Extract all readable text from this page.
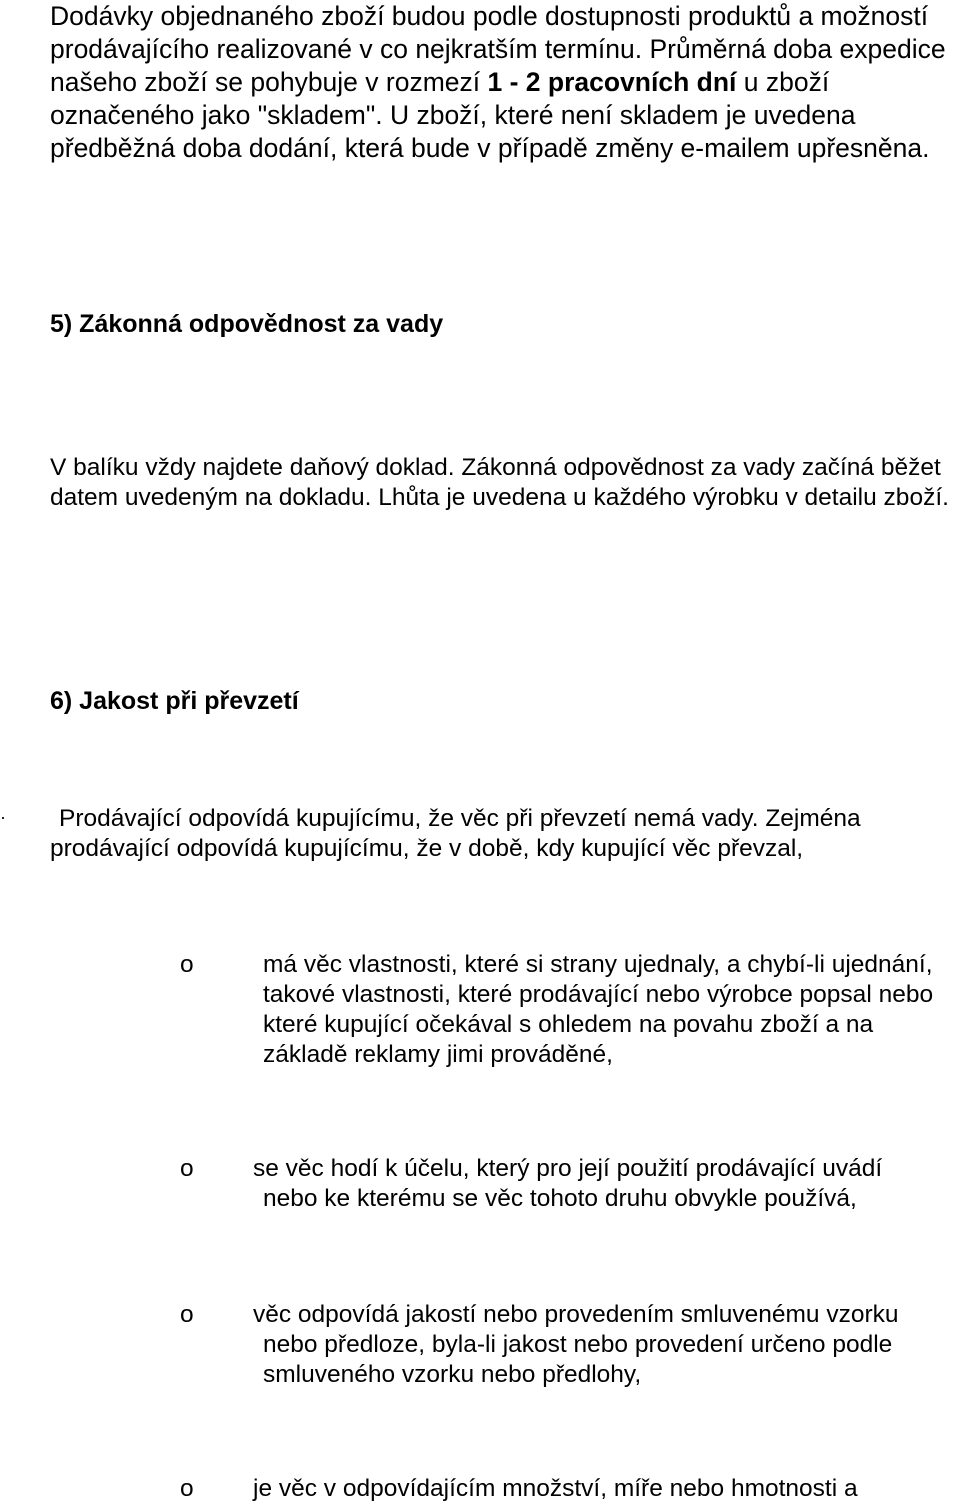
Dodávky objednaného zboží budou podle dostupnosti produktů a možností prodávajícího realizované v co nejkratším termínu. Průměrná doba expedice našeho zboží se pohybuje v rozmezí 1 - 2 pracovních dní u zboží označeného jako "skladem". U zboží, které není skladem je uvedena předběžná doba dodání, která bude v případě změny e-mailem upřesněna.

5) Zákonná odpovědnost za vady

V balíku vždy najdete daňový doklad. Zákonná odpovědnost za vady začíná běžet datem uvedeným na dokladu. Lhůta je uvedena u každého výrobku v detailu zboží.

6) Jakost při převzetí
·	Prodávající odpovídá kupujícímu, že věc při převzetí nemá vady. Zejména
prodávající odpovídá kupujícímu, že v době, kdy kupující věc převzal,

o	má věc vlastnosti, které si strany ujednaly, a chybí-li ujednání, takové vlastnosti, které prodávající nebo výrobce popsal nebo které kupující očekával s ohledem na povahu zboží a na základě reklamy jimi prováděné,

o se věc hodí k účelu, který pro její použití prodávající uvádí
nebo ke kterému se věc tohoto druhu obvykle používá,

o věc odpovídá jakostí nebo provedením smluvenému vzorku
nebo předloze, byla-li jakost nebo provedení určeno podle smluveného vzorku nebo předlohy,

o je věc v odpovídajícím množství, míře nebo hmotnosti a
